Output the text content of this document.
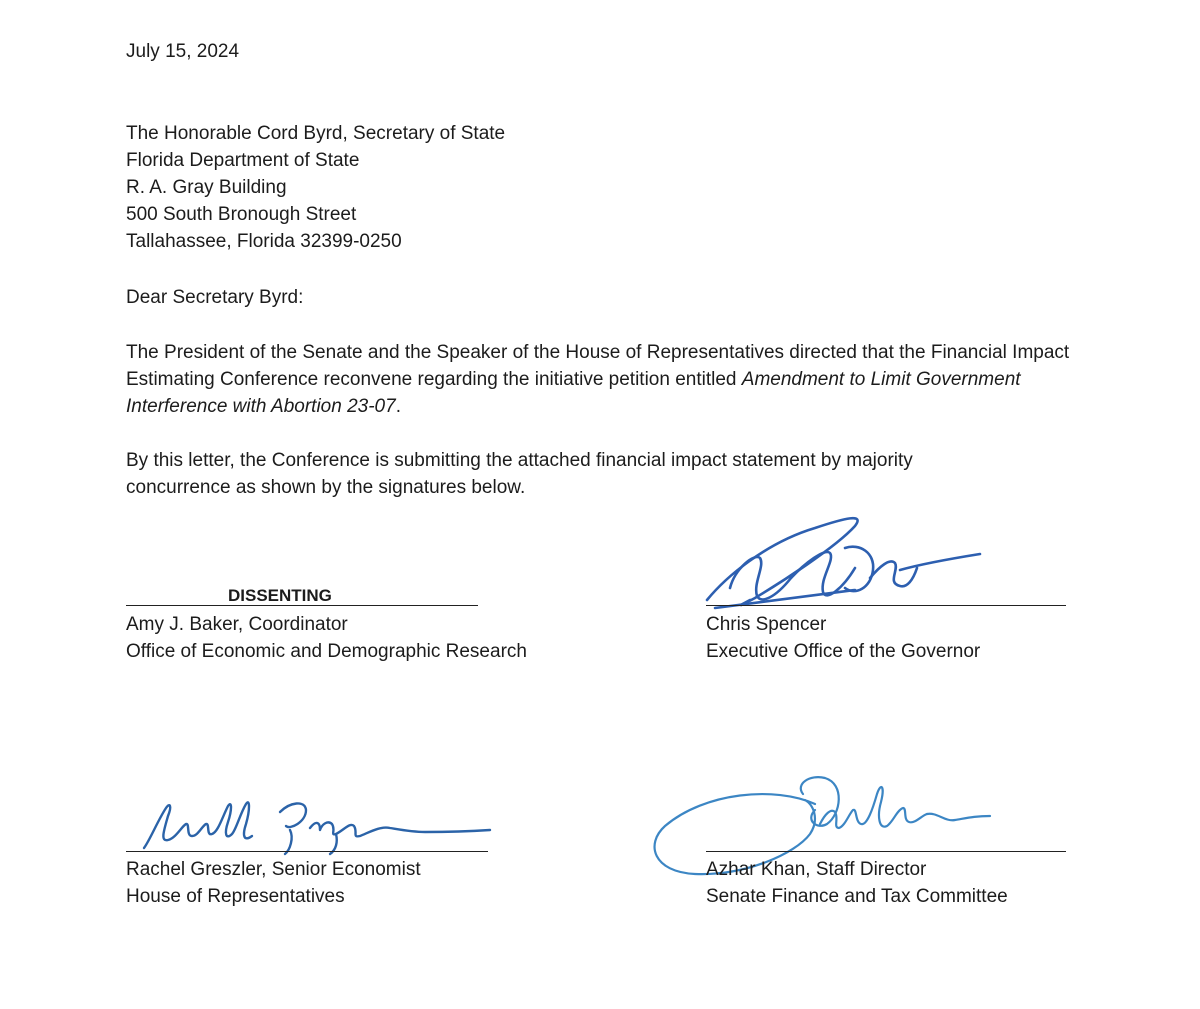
July 15, 2024
The Honorable Cord Byrd, Secretary of State
Florida Department of State
R. A. Gray Building
500 South Bronough Street
Tallahassee, Florida 32399-0250
Dear Secretary Byrd:

The President of the Senate and the Speaker of the House of Representatives directed that the Financial Impact Estimating Conference reconvene regarding the initiative petition entitled Amendment to Limit Government Interference with Abortion 23-07.

By this letter, the Conference is submitting the attached financial impact statement by majority concurrence as shown by the signatures below.

DISSENTING
Amy J. Baker, Coordinator
Office of Economic and Demographic Research
Chris Spencer
Executive Office of the Governor
Rachel Greszler, Senior Economist
House of Representatives
Azhar Khan, Staff Director
Senate Finance and Tax Committee
